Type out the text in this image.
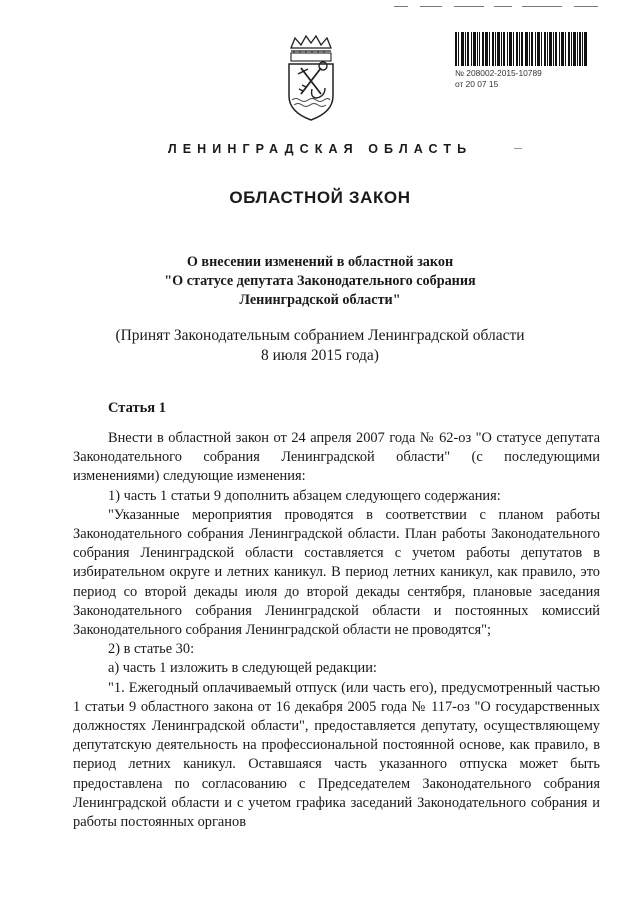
№ 208002-2015-10789
от 20 07 15
ЛЕНИНГРАДСКАЯ ОБЛАСТЬ
ОБЛАСТНОЙ ЗАКОН
О внесении изменений в областной закон
"О статусе депутата Законодательного собрания
Ленинградской области"
(Принят Законодательным собранием Ленинградской области
8 июля 2015 года)
Статья 1

Внести в областной закон от 24 апреля 2007 года № 62-оз "О статусе депутата Законодательного собрания Ленинградской области" (с последующими изменениями) следующие изменения:

1) часть 1 статьи 9 дополнить абзацем следующего содержания:

"Указанные мероприятия проводятся в соответствии с планом работы Законодательного собрания Ленинградской области. План работы Законодательного собрания Ленинградской области составляется с учетом работы депутатов в избирательном округе и летних каникул. В период летних каникул, как правило, это период со второй декады июля до второй декады сентября, плановые заседания Законодательного собрания Ленинградской области и постоянных комиссий Законодательного собрания Ленинградской области не проводятся";

2) в статье 30:

а) часть 1 изложить в следующей редакции:

"1. Ежегодный оплачиваемый отпуск (или часть его), предусмотренный частью 1 статьи 9 областного закона от 16 декабря 2005 года № 117-оз "О государственных должностях Ленинградской области", предоставляется депутату, осуществляющему депутатскую деятельность на профессиональной постоянной основе, как правило, в период летних каникул. Оставшаяся часть указанного отпуска может быть предоставлена по согласованию с Председателем Законодательного собрания Ленинградской области и с учетом графика заседаний Законодательного собрания и работы постоянных органов
